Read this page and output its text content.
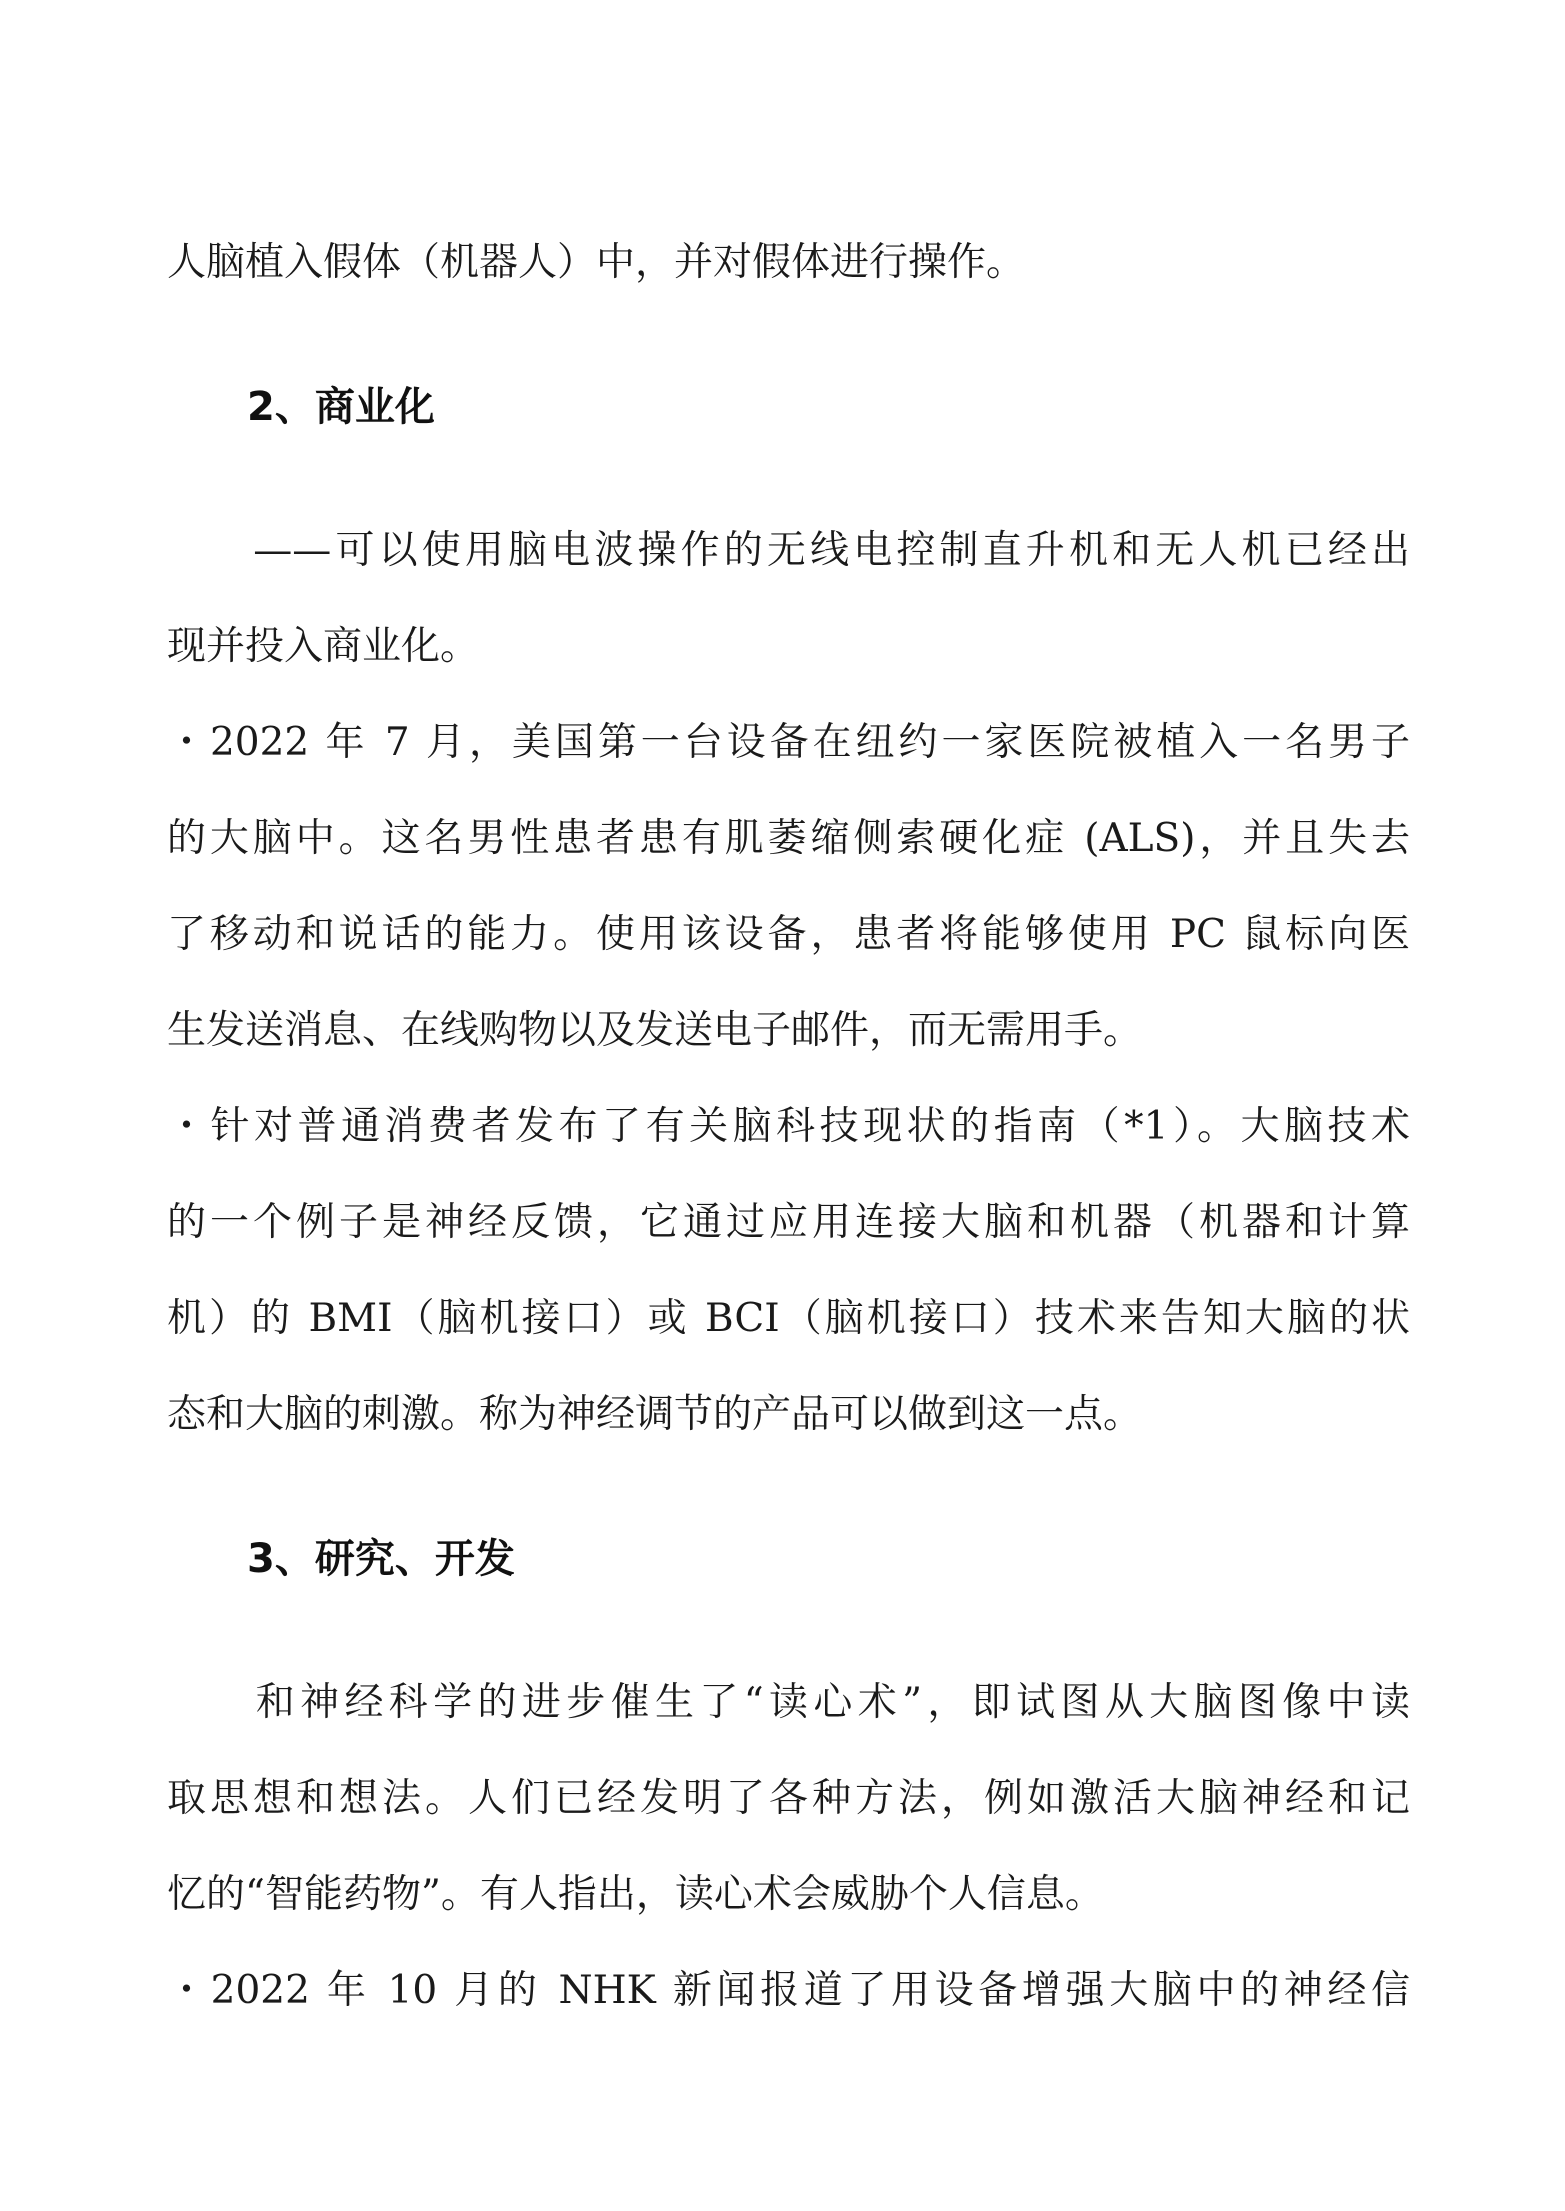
人脑植入假体（机器人）中，并对假体进行操作。
2、商业化
　　——可以使用脑电波操作的无线电控制直升机和无人机已经出
现并投入商业化。
・2022 年 7 月，美国第一台设备在纽约一家医院被植入一名男子
的大脑中。这名男性患者患有肌萎缩侧索硬化症 (ALS)，并且失去
了移动和说话的能力。使用该设备，患者将能够使用 PC 鼠标向医
生发送消息、在线购物以及发送电子邮件，而无需用手。
・针对普通消费者发布了有关脑科技现状的指南（*1）。大脑技术
的一个例子是神经反馈，它通过应用连接大脑和机器（机器和计算
机）的 BMI（脑机接口）或 BCI（脑机接口）技术来告知大脑的状
态和大脑的刺激。称为神经调节的产品可以做到这一点。
3、研究、开发
　　和神经科学的进步催生了“读心术”，即试图从大脑图像中读
取思想和想法。人们已经发明了各种方法，例如激活大脑神经和记
忆的“智能药物”。有人指出，读心术会威胁个人信息。
・2022 年 10 月的 NHK 新闻报道了用设备增强大脑中的神经信
